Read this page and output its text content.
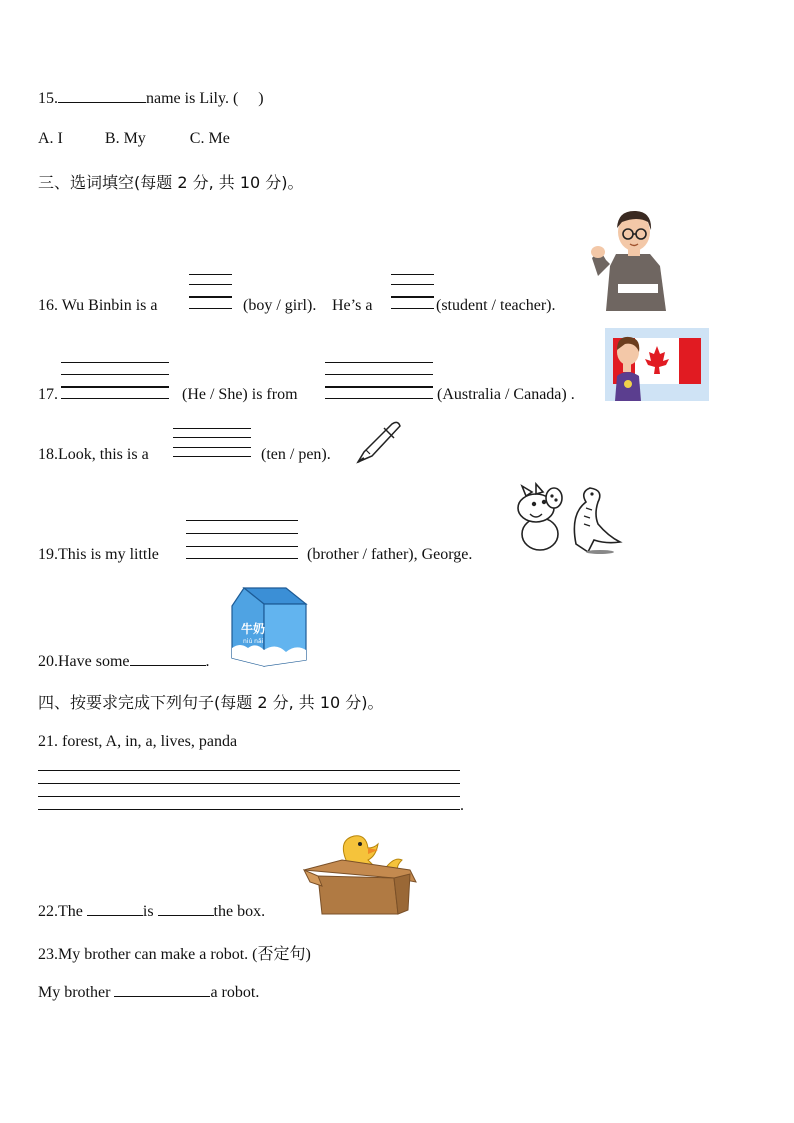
15.	name is Lily. (     )
A. I	B. My	C. Me
三、选词填空(每题 2 分, 共 10 分)。
16. Wu Binbin is a	(boy / girl). He’s a	(student / teacher).
17.	(He / She) is from	(Australia / Canada) .
18.Look, this is a	(ten / pen).
19.This is my little	(brother / father), George.
20.Have some	.
牛奶
niú nǎi
四、按要求完成下列句子(每题 2 分, 共 10 分)。
21. forest, A, in, a, lives, panda
.
22.The	is	the box.
23.My brother can make a robot. (否定句)
My brother	a robot.
